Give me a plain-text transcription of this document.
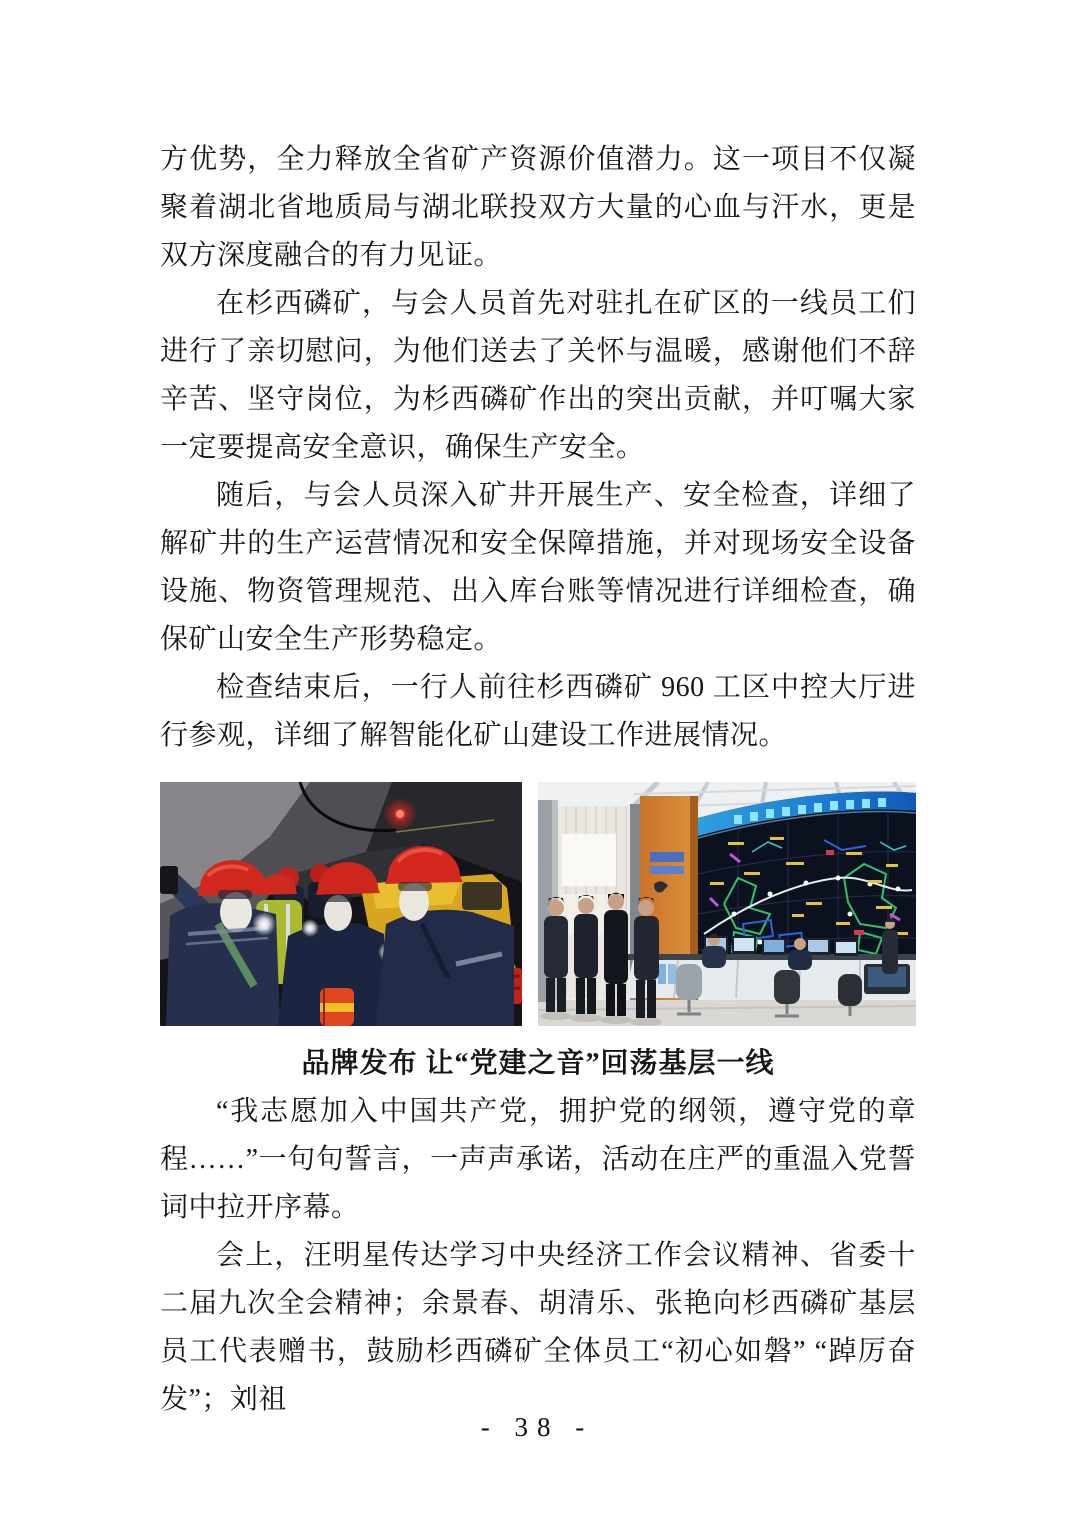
方优势，全力释放全省矿产资源价值潜力。这一项目不仅凝聚着湖北省地质局与湖北联投双方大量的心血与汗水，更是双方深度融合的有力见证。

在杉西磷矿，与会人员首先对驻扎在矿区的一线员工们进行了亲切慰问，为他们送去了关怀与温暖，感谢他们不辞辛苦、坚守岗位，为杉西磷矿作出的突出贡献，并叮嘱大家一定要提高安全意识，确保生产安全。

随后，与会人员深入矿井开展生产、安全检查，详细了解矿井的生产运营情况和安全保障措施，并对现场安全设备设施、物资管理规范、出入库台账等情况进行详细检查，确保矿山安全生产形势稳定。

检查结束后，一行人前往杉西磷矿 960 工区中控大厅进行参观，详细了解智能化矿山建设工作进展情况。

品牌发布 让“党建之音”回荡基层一线

“我志愿加入中国共产党，拥护党的纲领，遵守党的章程……”一句句誓言，一声声承诺，活动在庄严的重温入党誓词中拉开序幕。

会上，汪明星传达学习中央经济工作会议精神、省委十二届九次全会精神；余景春、胡清乐、张艳向杉西磷矿基层员工代表赠书，鼓励杉西磷矿全体员工“初心如磐” “踔厉奋发”；刘祖

- 38 -
